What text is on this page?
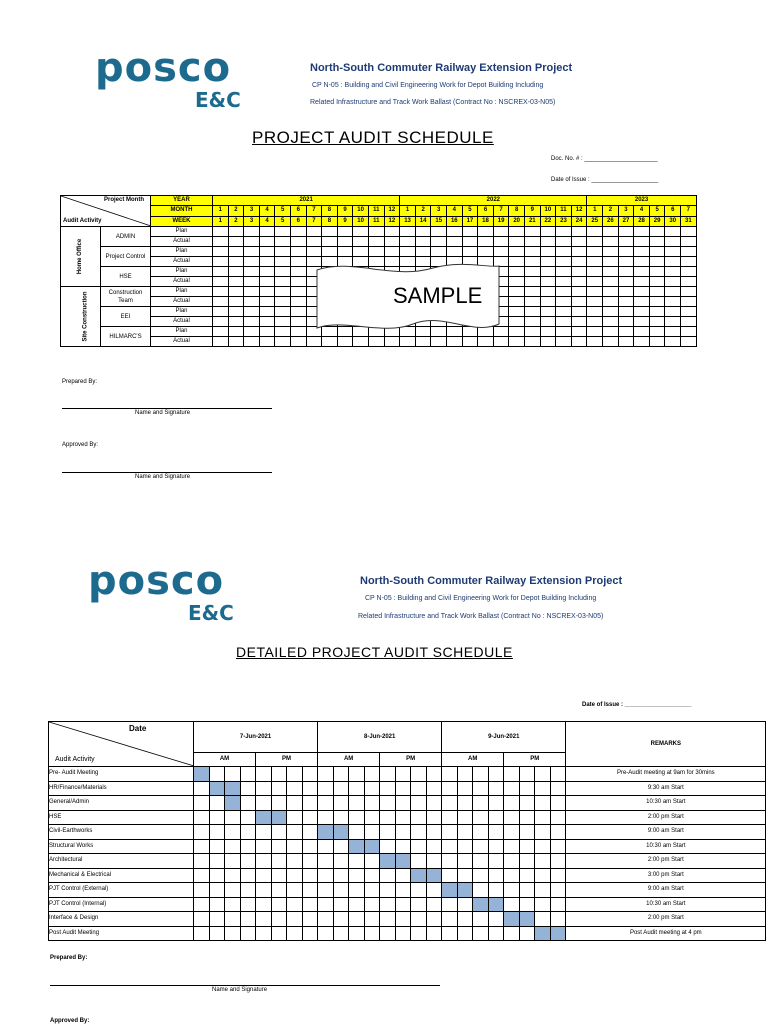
posco
E&C
North-South Commuter Railway Extension Project
CP N-05 : Building and Civil Engineering Work for Depot Building Including
Related Infrastructure and Track Work Ballast (Contract No : NSCREX-03-N05)
PROJECT AUDIT SCHEDULE
Doc. No. # : ______________________
Date of Issue : ____________________
Project Month
Audit Activity		YEAR	2021												2022												2023						
		MONTH	1	2	3	4	5	6	7	8	9	10	11	12	1	2	3	4	5	6	7	8	9	10	11	12	1	2	3	4	5	6	7
		WEEK	1	2	3	4	5	6	7	8	9	10	11	12	13	14	15	16	17	18	19	20	21	22	23	24	25	26	27	28	29	30	31
Home Office	ADMIN	Plan																															
		Actual																															
	Project Control	Plan																															
		Actual																															
	HSE	Plan																															
		Actual																															
Site Construction	Construction Team	Plan																															
		Actual																															
	EEI	Plan																															
		Actual																															
	HILMARC'S	Plan																															
		Actual																															
SAMPLE
Prepared By:
Name and Signature
Approved By:
Name and Signature
posco
E&C
North-South Commuter Railway Extension Project
CP N-05 : Building and Civil Engineering Work for Depot Building Including
Related Infrastructure and Track Work Ballast (Contract No : NSCREX-03-N05)
DETAILED PROJECT AUDIT SCHEDULE
Date of Issue : ____________________
Date
Audit Activity	7-Jun-2021								8-Jun-2021								9-Jun-2021								REMARKS
	AM				PM				AM				PM				AM				PM				
Pre- Audit Meeting																									Pre-Audit meeting at 9am for 30mins
HR/Finance/Materials																									9:30 am Start
General/Admin																									10:30 am Start
HSE																									2:00 pm Start
Civil-Earthworks																									9:00 am Start
Structural Works																									10:30 am Start
Architectural																									2:00 pm Start
Mechanical & Electrical																									3:00 pm Start
PJT Control (External)																									9:00 am Start
PJT Control (Internal)																									10:30 am Start
Interface & Design																									2:00 pm Start
Post Audit Meeting																									Post Audit meeting at 4 pm
Prepared By:
Name and Signature
Approved By:
